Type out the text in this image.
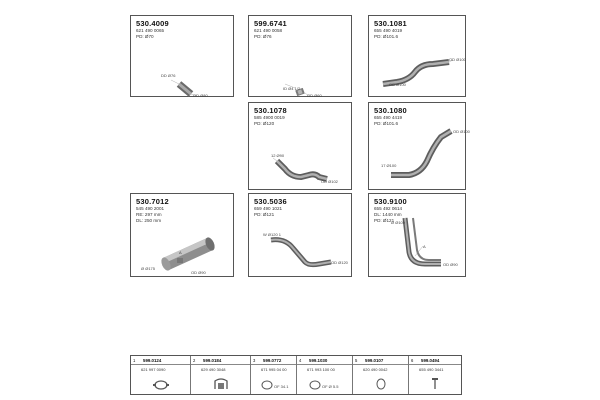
530.4009
621 490 0065
PD: Ø70
DD Ø76
OD Ø80
599.6741
621 490 0058
PD: Ø76
ID Ø4 1/2
OD Ø60
530.1081
655 490 4019
PD: Ø101.6
OD Ø100
OD Ø100
530.1078
585 4900 0019
PD: Ø120
12 Ø90
OD Ø102
530.1080
655 490 4419
PD: Ø101.6
OD Ø100
17 Ø100
530.7012
545 490 2001
RE: 297 mm
DL: 250 mm
Ø Ø175
OD Ø90
A
530.5036
659 490 1021
PD: Ø121
W Ø120 1
OD Ø120
530.9100
655 492 0614
DL: 1440 mm
PD: Ø121
A
OD Ø90
Ø Ø100
1 599.0124
621 997 0090
2 599.0184
629 490 3048
3 599.0772
671 995 04 00
OF 34.1
4 599.1030
671 993 100 00
OF Ø 5.5
5 599.0107
620 490 0042
6 599.0494
655 490 3441
